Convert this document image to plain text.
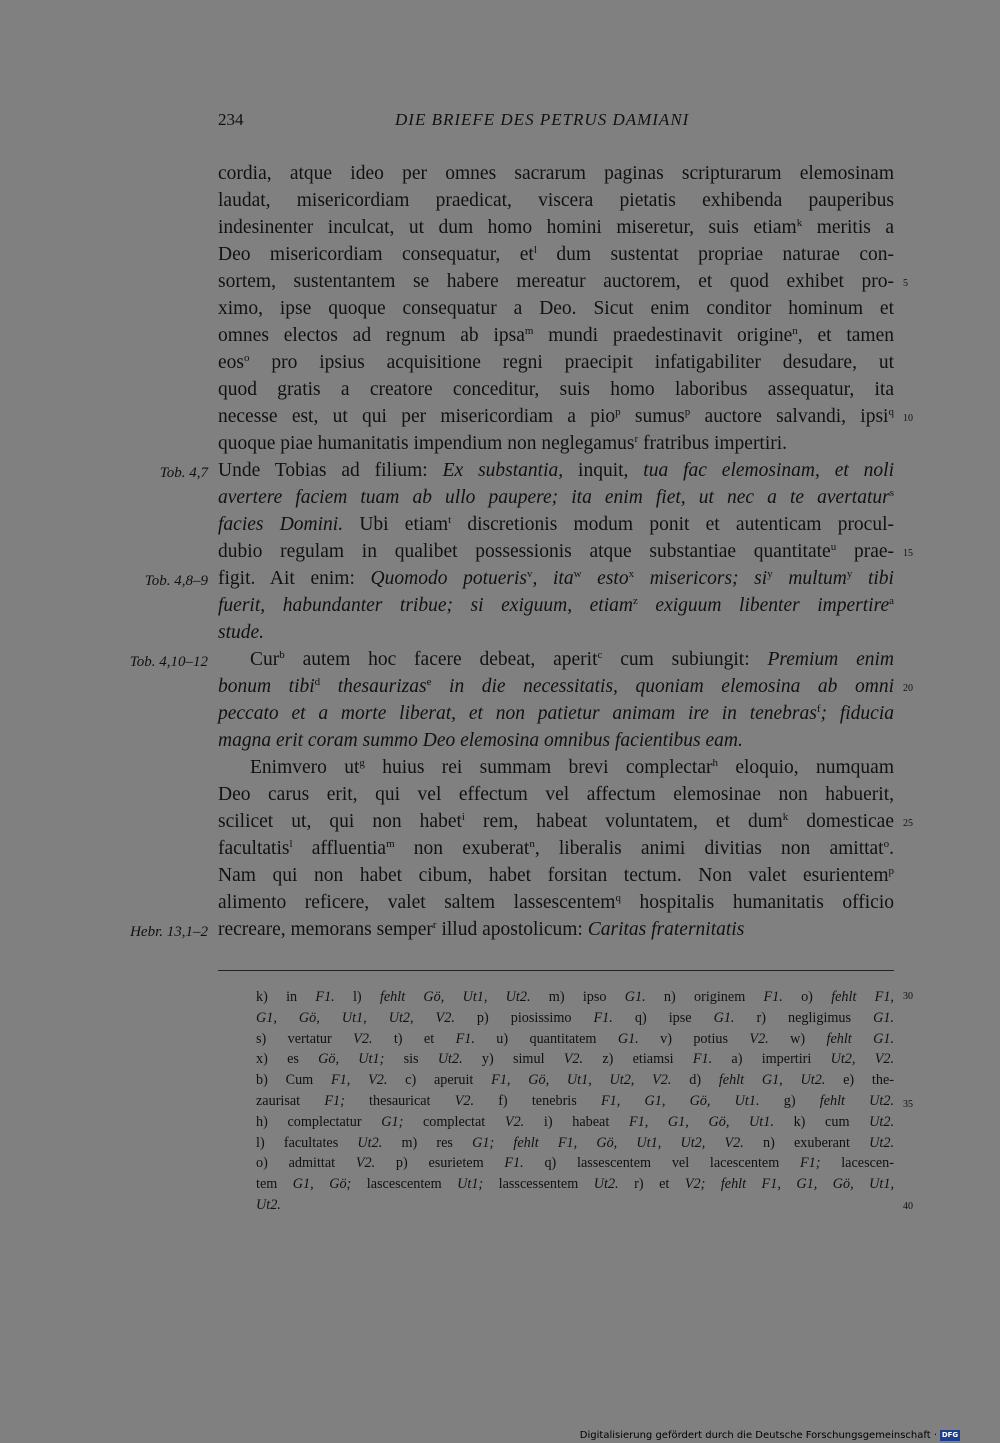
234	DIE BRIEFE DES PETRUS DAMIANI
cordia, atque ideo per omnes sacrarum paginas scripturarum elemosinam
laudat, misericordiam praedicat, viscera pietatis exhibenda pauperibus
indesinenter inculcat, ut dum homo homini miseretur, suis etiam$^k$ meritis a
Deo misericordiam consequatur, $et^l$ dum sustentat propriae naturae con-
sortem, sustentantem se habere mereatur auctorem, et quod exhibet pro-
ximo, ipse quoque consequatur a Deo. Sicut enim conditor hominum et
omnes electos ad regnum ab ipsa$^m$ mundi praedestinavit origine$^n$, et tamen
eos$^o$ pro ipsius acquisitione regni praecipit infatigabiliter desudare, ut
quod gratis a creatore conceditur, suis homo laboribus assequatur, ita
necesse est, ut qui per misericordiam a pio$^p$ sumus$^p$ auctore salvandi, ipsi$^q$
quoque piae humanitatis impendium non neglegamus$^r$ fratribus impertiri.
Unde Tobias ad filium: Ex substantia, inquit, tua fac elemosinam, et noli
avertere faciem tuam ab ullo paupere; ita enim fiet, ut nec a te avertatur$^s$
facies Domini. Ubi etiam$^t$ discretionis modum ponit et autenticam procul-
dubio regulam in qualibet possessionis atque substantiae quantitate$^u$ prae-
figit. Ait enim: Quomodo potueris$^v$, ita$^w$ esto$^x$ misericors; $si^y$ multum$^y$ tibi
fuerit, habundanter tribue; si exiguum, etiam$^z$ exiguum libenter impertire$^a$
stude.
Cur$^b$ autem hoc facere debeat, aperit$^c$ cum subiungit: Premium enim
bonum tibi$^d$ thesaurizas$^e$ in die necessitatis, quoniam elemosina ab omni
peccato et a morte liberat, et non patietur animam ire in tenebras$^f$; fiducia
magna erit coram summo Deo elemosina omnibus facientibus eam.
Enimvero $ut^g$ huius rei summam brevi complectar$^h$ eloquio, numquam
Deo carus erit, qui vel effectum vel affectum elemosinae non habuerit,
scilicet ut, qui non habet$^i$ rem, habeat voluntatem, et dum$^k$ domesticae
facultatis$^l$ affluentia$^m$ non exuberat$^n$, liberalis animi divitias non amittat$^o$.
Nam qui non habet cibum, habet forsitan tectum. Non valet esurientem$^p$
alimento reficere, valet saltem lassescentem$^q$ hospitalis humanitatis officio
recreare, memorans semper$^r$ illud apostolicum: Caritas fraternitatis
5
10
15
20
25
Tob. 4,7
Tob. 4,8–9
Tob. 4,10–12
Hebr. 13,1–2
k) in F1. l) fehlt Gö, Ut1, Ut2. m) ipso G1. n) originem F1. o) fehlt F1,
G1, Gö, Ut1, Ut2, V2. p) piosissimo F1. q) ipse G1. r) negligimus G1.
s) vertatur V2. t) et F1. u) quantitatem G1. v) potius V2. w) fehlt G1.
x) es Gö, Ut1; sis Ut2. y) simul V2. z) etiamsi F1. a) impertiri Ut2, V2.
b) Cum F1, V2. c) aperuit F1, Gö, Ut1, Ut2, V2. d) fehlt G1, Ut2. e) the-
zaurisat F1; thesauricat V2. f) tenebris F1, G1, Gö, Ut1. g) fehlt Ut2.
h) complectatur G1; complectat V2. i) habeat F1, G1, Gö, Ut1. k) cum Ut2.
l) facultates Ut2. m) res G1; fehlt F1, Gö, Ut1, Ut2, V2. n) exuberant Ut2.
o) admittat V2. p) esurietem F1. q) lassescentem vel lacescentem F1; lacescen-
tem G1, Gö; lascescentem Ut1; lasscessentem Ut2. r) et V2; fehlt F1, G1, Gö, Ut1,
Ut2.
30
35
40
Digitalisierung gefördert durch die Deutsche Forschungsgemeinschaft · DFG
